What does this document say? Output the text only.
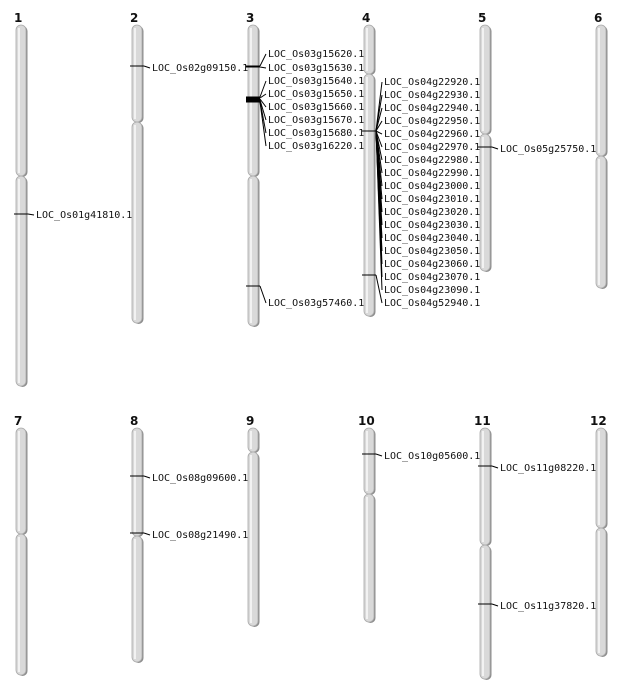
1
LOC_Os01g41810.1
2
LOC_Os02g09150.1
3
LOC_Os03g15620.1
LOC_Os03g15630.1
LOC_Os03g15640.1
LOC_Os03g15650.1
LOC_Os03g15660.1
LOC_Os03g15670.1
LOC_Os03g15680.1
LOC_Os03g16220.1
LOC_Os03g57460.1
4
LOC_Os04g22920.1
LOC_Os04g22930.1
LOC_Os04g22940.1
LOC_Os04g22950.1
LOC_Os04g22960.1
LOC_Os04g22970.1
LOC_Os04g22980.1
LOC_Os04g22990.1
LOC_Os04g23000.1
LOC_Os04g23010.1
LOC_Os04g23020.1
LOC_Os04g23030.1
LOC_Os04g23040.1
LOC_Os04g23050.1
LOC_Os04g23060.1
LOC_Os04g23070.1
LOC_Os04g23090.1
LOC_Os04g52940.1
5
LOC_Os05g25750.1
6
7	8
LOC_Os08g09600.1
LOC_Os08g21490.1
9	10
LOC_Os10g05600.1
11
LOC_Os11g08220.1
LOC_Os11g37820.1
12
